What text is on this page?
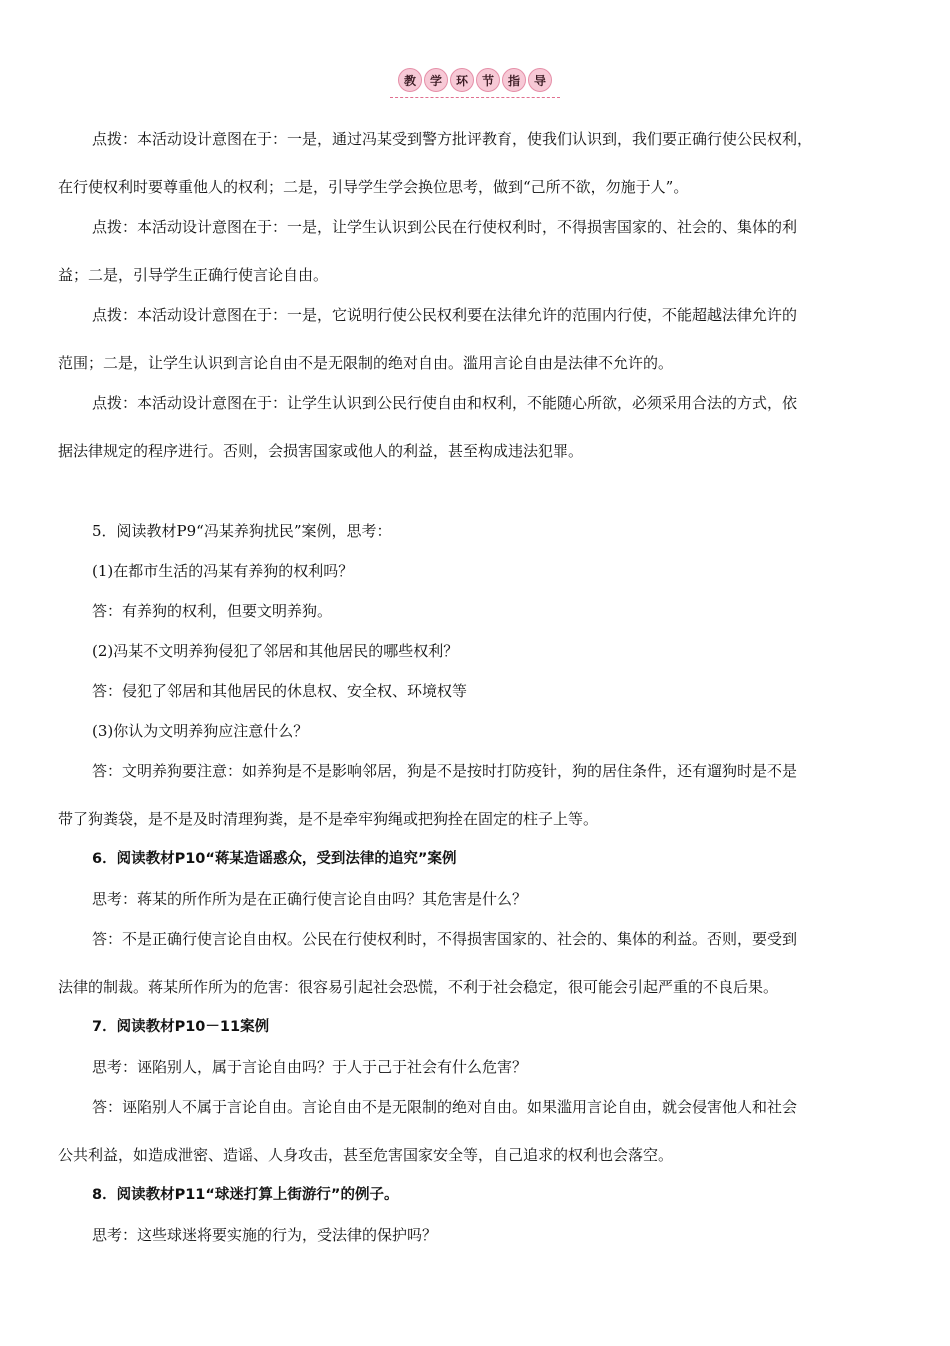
教	学	环	节	指	导
点拨：本活动设计意图在于：一是，通过冯某受到警方批评教育，使我们认识到，我们要正确行使公民权利，
在行使权利时要尊重他人的权利；二是，引导学生学会换位思考，做到“己所不欲，勿施于人”。
点拨：本活动设计意图在于：一是，让学生认识到公民在行使权利时，不得损害国家的、社会的、集体的利
益；二是，引导学生正确行使言论自由。
点拨：本活动设计意图在于：一是，它说明行使公民权利要在法律允许的范围内行使，不能超越法律允许的
范围；二是，让学生认识到言论自由不是无限制的绝对自由。滥用言论自由是法律不允许的。
点拨：本活动设计意图在于：让学生认识到公民行使自由和权利，不能随心所欲，必须采用合法的方式，依
据法律规定的程序进行。否则，会损害国家或他人的利益，甚至构成违法犯罪。
5．阅读教材P9“冯某养狗扰民”案例，思考：
(1)在都市生活的冯某有养狗的权利吗？
答：有养狗的权利，但要文明养狗。
(2)冯某不文明养狗侵犯了邻居和其他居民的哪些权利？
答：侵犯了邻居和其他居民的休息权、安全权、环境权等
(3)你认为文明养狗应注意什么？
答：文明养狗要注意：如养狗是不是影响邻居，狗是不是按时打防疫针，狗的居住条件，还有遛狗时是不是
带了狗粪袋，是不是及时清理狗粪，是不是牵牢狗绳或把狗拴在固定的柱子上等。
6．阅读教材P10“蒋某造谣惑众，受到法律的追究”案例
思考：蒋某的所作所为是在正确行使言论自由吗？其危害是什么？
答：不是正确行使言论自由权。公民在行使权利时，不得损害国家的、社会的、集体的利益。否则，要受到
法律的制裁。蒋某所作所为的危害：很容易引起社会恐慌，不利于社会稳定，很可能会引起严重的不良后果。
7．阅读教材P10－11案例
思考：诬陷别人，属于言论自由吗？于人于己于社会有什么危害？
答：诬陷别人不属于言论自由。言论自由不是无限制的绝对自由。如果滥用言论自由，就会侵害他人和社会
公共利益，如造成泄密、造谣、人身攻击，甚至危害国家安全等，自己追求的权利也会落空。
8．阅读教材P11“球迷打算上街游行”的例子。
思考：这些球迷将要实施的行为，受法律的保护吗？
